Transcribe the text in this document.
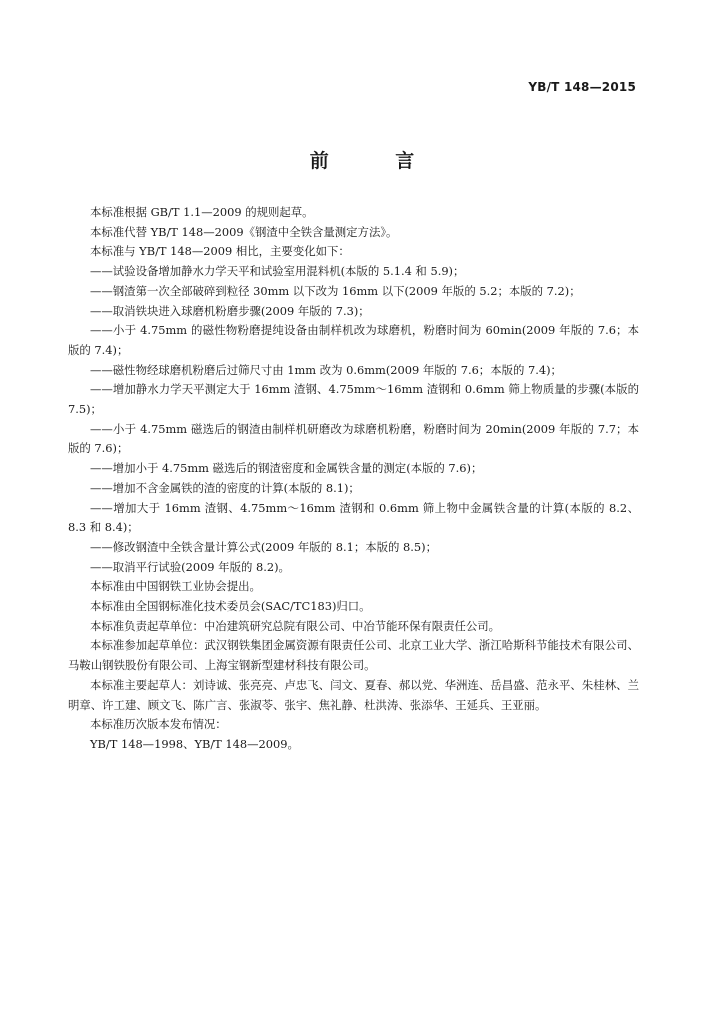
YB/T 148—2015
前 言

本标准根据 GB/T 1.1—2009 的规则起草。

本标准代替 YB/T 148—2009《钢渣中全铁含量测定方法》。

本标准与 YB/T 148—2009 相比，主要变化如下：

——试验设备增加静水力学天平和试验室用混料机(本版的 5.1.4 和 5.9)；

——钢渣第一次全部破碎到粒径 30mm 以下改为 16mm 以下(2009 年版的 5.2；本版的 7.2)；

——取消铁块进入球磨机粉磨步骤(2009 年版的 7.3)；

——小于 4.75mm 的磁性物粉磨提纯设备由制样机改为球磨机，粉磨时间为 60min(2009 年版的 7.6；本版的 7.4)；

——磁性物经球磨机粉磨后过筛尺寸由 1mm 改为 0.6mm(2009 年版的 7.6；本版的 7.4)；

——增加静水力学天平测定大于 16mm 渣钢、4.75mm～16mm 渣钢和 0.6mm 筛上物质量的步骤(本版的 7.5)；

——小于 4.75mm 磁选后的钢渣由制样机研磨改为球磨机粉磨，粉磨时间为 20min(2009 年版的 7.7；本版的 7.6)；

——增加小于 4.75mm 磁选后的钢渣密度和金属铁含量的测定(本版的 7.6)；

——增加不含金属铁的渣的密度的计算(本版的 8.1)；

——增加大于 16mm 渣钢、4.75mm～16mm 渣钢和 0.6mm 筛上物中金属铁含量的计算(本版的 8.2、8.3 和 8.4)；

——修改钢渣中全铁含量计算公式(2009 年版的 8.1；本版的 8.5)；

——取消平行试验(2009 年版的 8.2)。

本标准由中国钢铁工业协会提出。

本标准由全国钢标准化技术委员会(SAC/TC183)归口。

本标准负责起草单位：中冶建筑研究总院有限公司、中冶节能环保有限责任公司。

本标准参加起草单位：武汉钢铁集团金属资源有限责任公司、北京工业大学、浙江哈斯科节能技术有限公司、马鞍山钢铁股份有限公司、上海宝钢新型建材科技有限公司。

本标准主要起草人：刘诗诚、张亮亮、卢忠飞、闫文、夏春、郝以党、华洲连、岳昌盛、范永平、朱桂林、兰明章、许工建、顾文飞、陈广言、张淑苓、张宇、焦礼静、杜洪涛、张添华、王延兵、王亚丽。

本标准历次版本发布情况：

YB/T 148—1998、YB/T 148—2009。
